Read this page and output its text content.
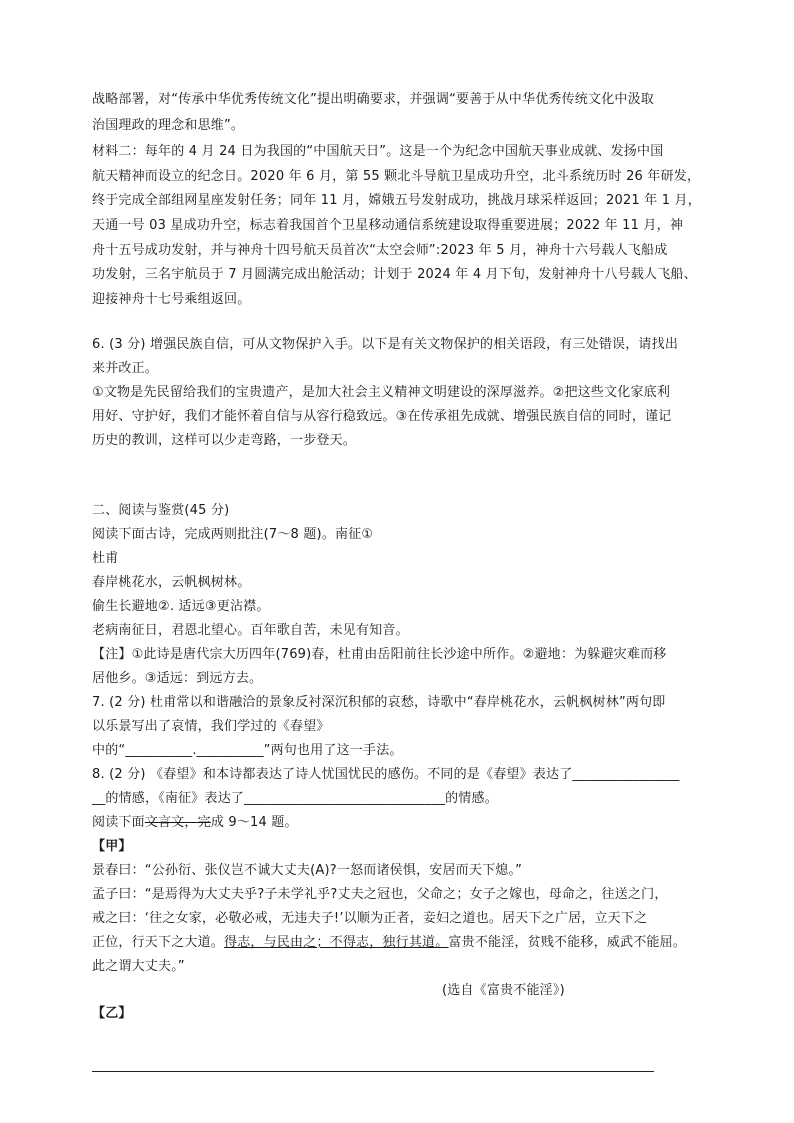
战略部署，对“传承中华优秀传统文化”提出明确要求，并强调“要善于从中华优秀传统文化中汲取
治国理政的理念和思维”。
材料二：每年的 4 月 24 日为我国的“中国航天日”。这是一个为纪念中国航天事业成就、发扬中国
航天精神而设立的纪念日。2020 年 6 月，第 55 颗北斗导航卫星成功升空，北斗系统历时 26 年研发，
终于完成全部组网星座发射任务；同年 11 月，嫦娥五号发射成功，挑战月球采样返回；2021 年 1 月，
天通一号 03 星成功升空，标志着我国首个卫星移动通信系统建设取得重要进展；2022 年 11 月，神
舟十五号成功发射，并与神舟十四号航天员首次“太空会师”:2023 年 5 月，神舟十六号载人飞船成
功发射，三名宇航员于 7 月圆满完成出舱活动；计划于 2024 年 4 月下旬，发射神舟十八号载人飞船、
迎接神舟十七号乘组返回。
6. (3 分) 增强民族自信，可从文物保护入手。以下是有关文物保护的相关语段，有三处错误，请找出
来并改正。
①文物是先民留给我们的宝贵遗产，是加大社会主义精神文明建设的深厚滋养。②把这些文化家底利
用好、守护好，我们才能怀着自信与从容行稳致远。③在传承祖先成就、增强民族自信的同时，谨记
历史的教训，这样可以少走弯路，一步登天。
二、阅读与鉴赏(45 分)
阅读下面古诗，完成两则批注(7～8 题)。南征①
杜甫
春岸桃花水，云帆枫树林。
偷生长避地②. 适远③更沾襟。
老病南征日，君恩北望心。百年歌自苦，未见有知音。
【注】①此诗是唐代宗大历四年(769)春，杜甫由岳阳前往长沙途中所作。②避地：为躲避灾难而移
居他乡。③适远：到远方去。
7. (2 分) 杜甫常以和谐融洽的景象反衬深沉积郁的哀愁，诗歌中“春岸桃花水，云帆枫树林”两句即
以乐景写出了哀情，我们学过的《春望》
中的“__________.__________”两句也用了这一手法。
8. (2 分) 《春望》和本诗都表达了诗人忧国忧民的感伤。不同的是《春望》表达了________________
__的情感，《南征》表达了______________________________的情感。
阅读下面文言文，完成 9～14 题。
【甲】
景春曰：“公孙衍、张仪岂不诚大丈夫(A)?一怒而诸侯惧，安居而天下熄。”
孟子曰：“是焉得为大丈夫乎?子未学礼乎?丈夫之冠也，父命之；女子之嫁也，母命之，往送之门，
戒之曰：‘往之女家，必敬必戒，无违夫子!’以顺为正者，妾妇之道也。居天下之广居，立天下之
正位，行天下之大道。得志，与民由之；不得志，独行其道。富贵不能淫，贫贱不能移，威武不能屈。
此之谓大丈夫。”
(选自《富贵不能淫》)
【乙】
